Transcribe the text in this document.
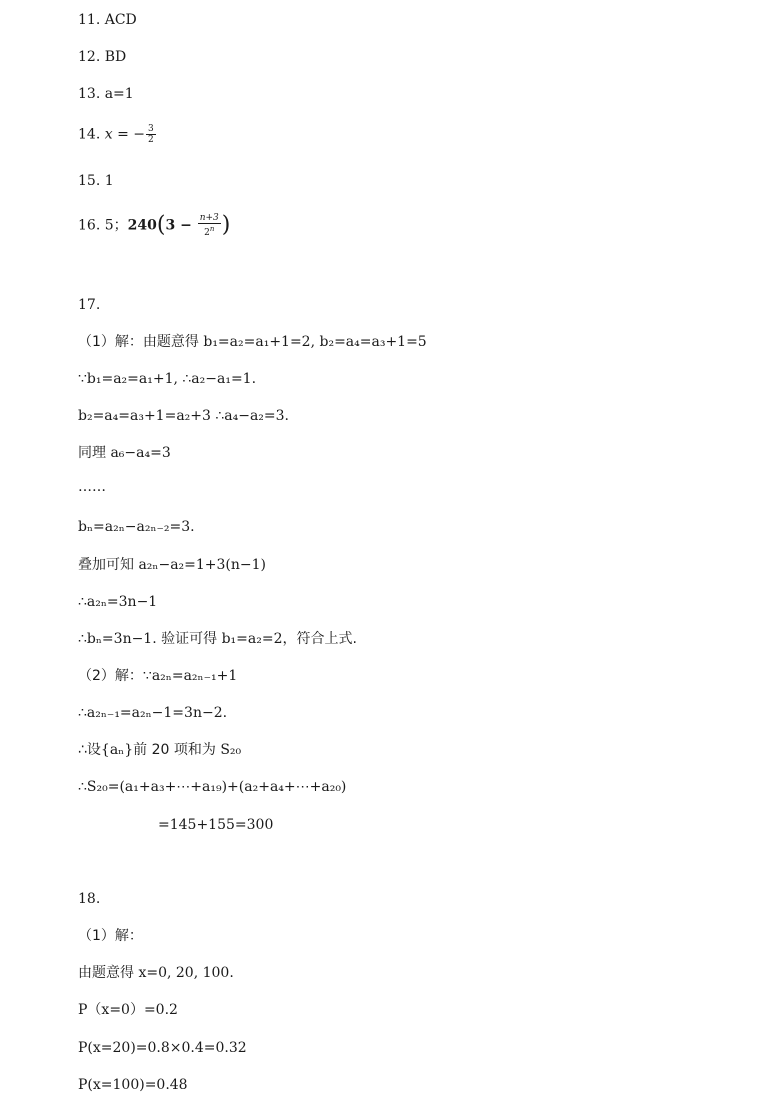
11. ACD
12. BD
13. a=1
14. x = − $\frac{3}{2}$
15. 1
16. 5；$240(3 - \frac{n+3}{2^n}$ )
17.
（1）解：由题意得 b₁=a₂=a₁+1=2, b₂=a₄=a₃+1=5
∵b₁=a₂=a₁+1, ∴a₂−a₁=1.
b₂=a₄=a₃+1=a₂+3 ∴a₄−a₂=3.
同理 a₆−a₄=3
……
bₙ=a₂ₙ−a₂ₙ₋₂=3.
叠加可知 a₂ₙ−a₂=1+3(n−1)
∴a₂ₙ=3n−1
∴bₙ=3n−1. 验证可得 b₁=a₂=2，符合上式.
（2）解：∵a₂ₙ=a₂ₙ₋₁+1
∴a₂ₙ₋₁=a₂ₙ−1=3n−2.
∴设{aₙ}前 20 项和为 S₂₀
∴S₂₀=(a₁+a₃+⋯+a₁₉)+(a₂+a₄+⋯+a₂₀)
=145+155=300
18.
（1）解：
由题意得 x=0, 20, 100.
P（x=0）=0.2
P(x=20)=0.8×0.4=0.32
P(x=100)=0.48
